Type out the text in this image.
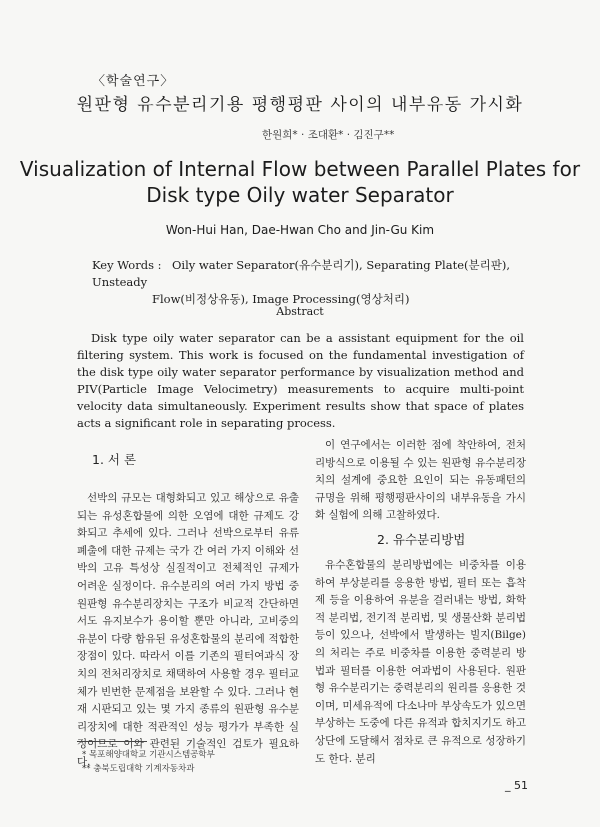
〈학술연구〉
원판형 유수분리기용 평행평판 사이의 내부유동 가시화
한원희* · 조대환* · 김진구**
Visualization of Internal Flow between Parallel Plates for
Disk type Oily water Separator
Won-Hui Han, Dae-Hwan Cho and Jin-Gu Kim
Key Words : Oily water Separator(유수분리기), Separating Plate(분리판), Unsteady
Flow(비정상유동), Image Processing(영상처리)
Abstract

Disk type oily water separator can be a assistant equipment for the oil filtering system. This work is focused on the fundamental investigation of the disk type oily water separator performance by visualization method and PIV(Particle Image Velocimetry) measurements to acquire multi-point velocity data simultaneously. Experiment results show that space of plates acts a significant role in separating process.

1. 서 론

선박의 규모는 대형화되고 있고 해상으로 유출되는 유성혼합물에 의한 오염에 대한 규제도 강화되고 추세에 있다. 그러나 선박으로부터 유류폐출에 대한 규제는 국가 간 여러 가지 이해와 선박의 고유 특성상 실질적이고 전체적인 규제가 어려운 실정이다. 유수분리의 여러 가지 방법 중 원판형 유수분리장치는 구조가 비교적 간단하면서도 유지보수가 용이할 뿐만 아니라, 고비중의 유분이 다량 함유된 유성혼합물의 분리에 적합한 장점이 있다. 따라서 이를 기존의 필터여과식 장치의 전처리장치로 채택하여 사용할 경우 필터교체가 빈번한 문제점을 보완할 수 있다. 그러나 현재 시판되고 있는 몇 가지 종류의 원판형 유수분리장치에 대한 적관적인 성능 평가가 부족한 실정이므로 이와 관련된 기술적인 검토가 필요하다.

이 연구에서는 이러한 점에 착안하여, 전처리방식으로 이용될 수 있는 원판형 유수분리장치의 설계에 중요한 요인이 되는 유동패턴의 규명을 위해 평행평판사이의 내부유동을 가시화 실험에 의해 고찰하였다.

2. 유수분리방법

유수혼합물의 분리방법에는 비중차를 이용하여 부상분리를 응용한 방법, 필터 또는 흡착제 등을 이용하여 유분을 걸러내는 방법, 화학적 분리법, 전기적 분리법, 및 생물산화 분리법 등이 있으나, 선박에서 발생하는 빌지(Bilge)의 처리는 주로 비중차를 이용한 중력분리 방법과 필터를 이용한 여과법이 사용된다. 원판형 유수분리기는 중력분리의 원리를 응용한 것이며, 미세유적에 다소나마 부상속도가 있으면 부상하는 도중에 다른 유적과 합치지기도 하고 상단에 도달해서 점차로 큰 유적으로 성장하기도 한다. 분리

* 목포해양대학교 기관시스템공학부
** 충북도립대학 기계자동차과
_ 51
